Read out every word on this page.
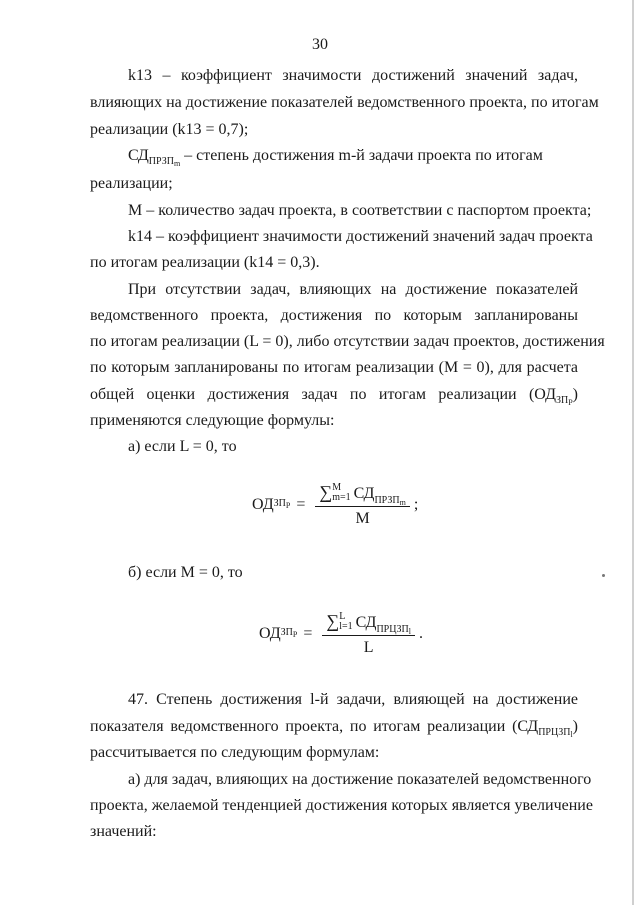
30
k13 – коэффициент значимости достижений значений задач,
влияющих на достижение показателей ведомственного проекта, по итогам
реализации (k13 = 0,7);
$СД_{ПРЗП_m}$ – степень достижения m-й задачи проекта по итогам
реализации;
M – количество задач проекта, в соответствии с паспортом проекта;
k14 – коэффициент значимости достижений значений задач проекта
по итогам реализации (k14 = 0,3).
При отсутствии задач, влияющих на достижение показателей
ведомственного проекта, достижения по которым запланированы
по итогам реализации (L = 0), либо отсутствии задач проектов, достижения
по которым запланированы по итогам реализации (M = 0), для расчета
общей оценки достижения задач по итогам реализации $(ОД_{ЗП_Р})$
применяются следующие формулы:
а) если L = 0, то
ОД $ЗП_Р$ = ∑ M
m=1 СД $_{ПРЗП_m}$
M ;
б) если M = 0, то
ОД $ЗП_Р$ = ∑ L
l=1 СД $_{ПРЦЗП_l}$
L .
47. Степень достижения l-й задачи, влияющей на достижение
показателя ведомственного проекта, по итогам реализации $(СД_{ПРЦЗП_l})$
рассчитывается по следующим формулам:
а) для задач, влияющих на достижение показателей ведомственного
проекта, желаемой тенденцией достижения которых является увеличение
значений:
